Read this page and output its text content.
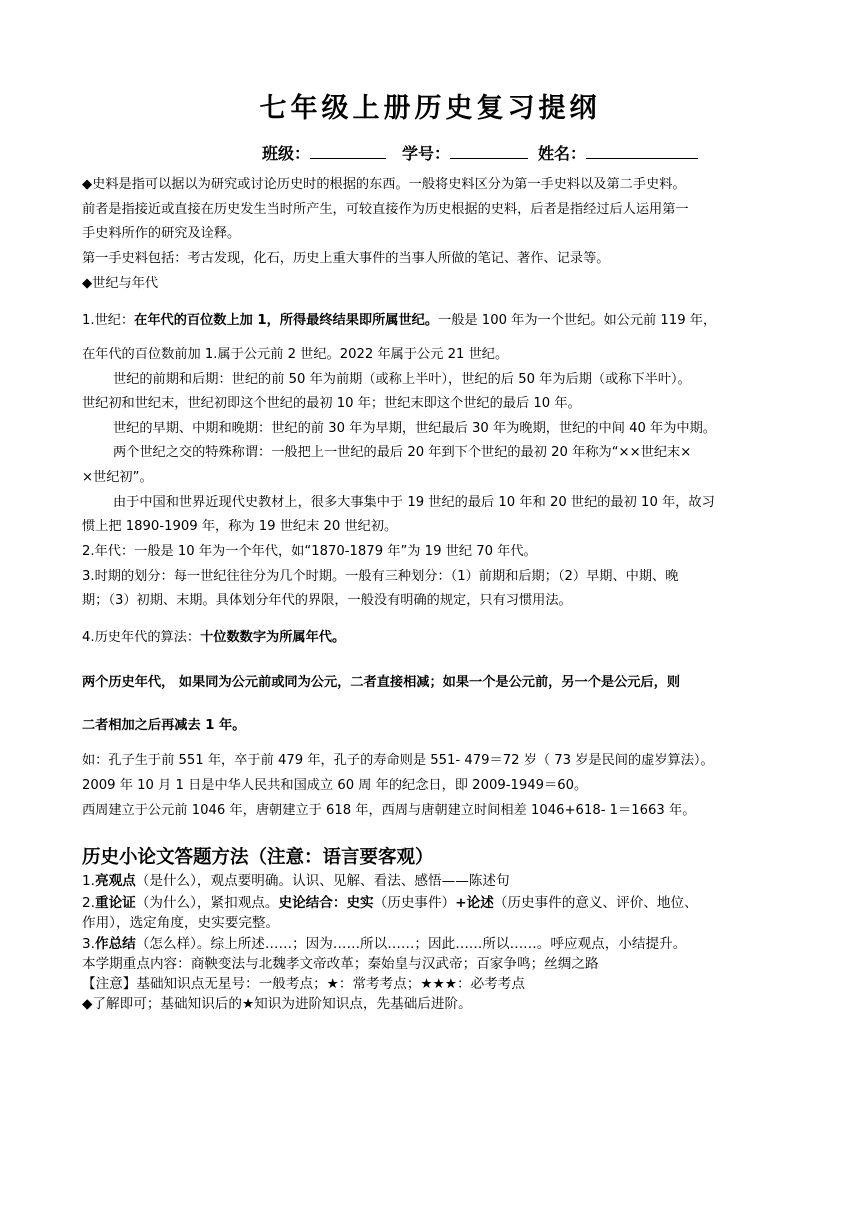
七年级上册历史复习提纲
班级：	学号：	姓名：
◆史料是指可以据以为研究或讨论历史时的根据的东西。一般将史料区分为第一手史料以及第二手史料。
前者是指接近或直接在历史发生当时所产生，可较直接作为历史根据的史料，后者是指经过后人运用第一
手史料所作的研究及诠释。
第一手史料包括：考古发现，化石，历史上重大事件的当事人所做的笔记、著作、记录等。
◆世纪与年代
1.世纪：在年代的百位数上加 1，所得最终结果即所属世纪。一般是 100 年为一个世纪。如公元前 119 年，
在年代的百位数前加 1.属于公元前 2 世纪。2022 年属于公元 21 世纪。
世纪的前期和后期：世纪的前 50 年为前期（或称上半叶），世纪的后 50 年为后期（或称下半叶）。
世纪初和世纪末，世纪初即这个世纪的最初 10 年；世纪末即这个世纪的最后 10 年。
世纪的早期、中期和晚期：世纪的前 30 年为早期，世纪最后 30 年为晚期，世纪的中间 40 年为中期。
两个世纪之交的特殊称谓：一般把上一世纪的最后 20 年到下个世纪的最初 20 年称为“××世纪末×
×世纪初”。
由于中国和世界近现代史教材上，很多大事集中于 19 世纪的最后 10 年和 20 世纪的最初 10 年，故习
惯上把 1890-1909 年，称为 19 世纪末 20 世纪初。
2.年代：一般是 10 年为一个年代，如“1870-1879 年”为 19 世纪 70 年代。
3.时期的划分：每一世纪往往分为几个时期。一般有三种划分：（1）前期和后期；（2）早期、中期、晚
期；（3）初期、末期。具体划分年代的界限，一般没有明确的规定，只有习惯用法。
4.历史年代的算法：十位数数字为所属年代。
两个历史年代， 如果同为公元前或同为公元，二者直接相减；如果一个是公元前，另一个是公元后，则
二者相加之后再减去 1 年。
如：孔子生于前 551 年，卒于前 479 年，孔子的寿命则是 551- 479＝72 岁（ 73 岁是民间的虚岁算法）。
2009 年 10 月 1 日是中华人民共和国成立 60 周 年的纪念日，即 2009-1949＝60。
西周建立于公元前 1046 年，唐朝建立于 618 年，西周与唐朝建立时间相差 1046+618- 1＝1663 年。
历史小论文答题方法（注意：语言要客观）
1.亮观点（是什么），观点要明确。认识、见解、看法、感悟——陈述句
2.重论证（为什么），紧扣观点。史论结合：史实（历史事件）+论述（历史事件的意义、评价、地位、
作用），选定角度，史实要完整。
3.作总结（怎么样）。综上所述……；因为……所以……；因此……所以……。呼应观点，小结提升。
本学期重点内容：商鞅变法与北魏孝文帝改革；秦始皇与汉武帝；百家争鸣；丝绸之路
【注意】基础知识点无星号：一般考点；★：常考考点；★★★：必考考点
◆了解即可；基础知识后的★知识为进阶知识点，先基础后进阶。
